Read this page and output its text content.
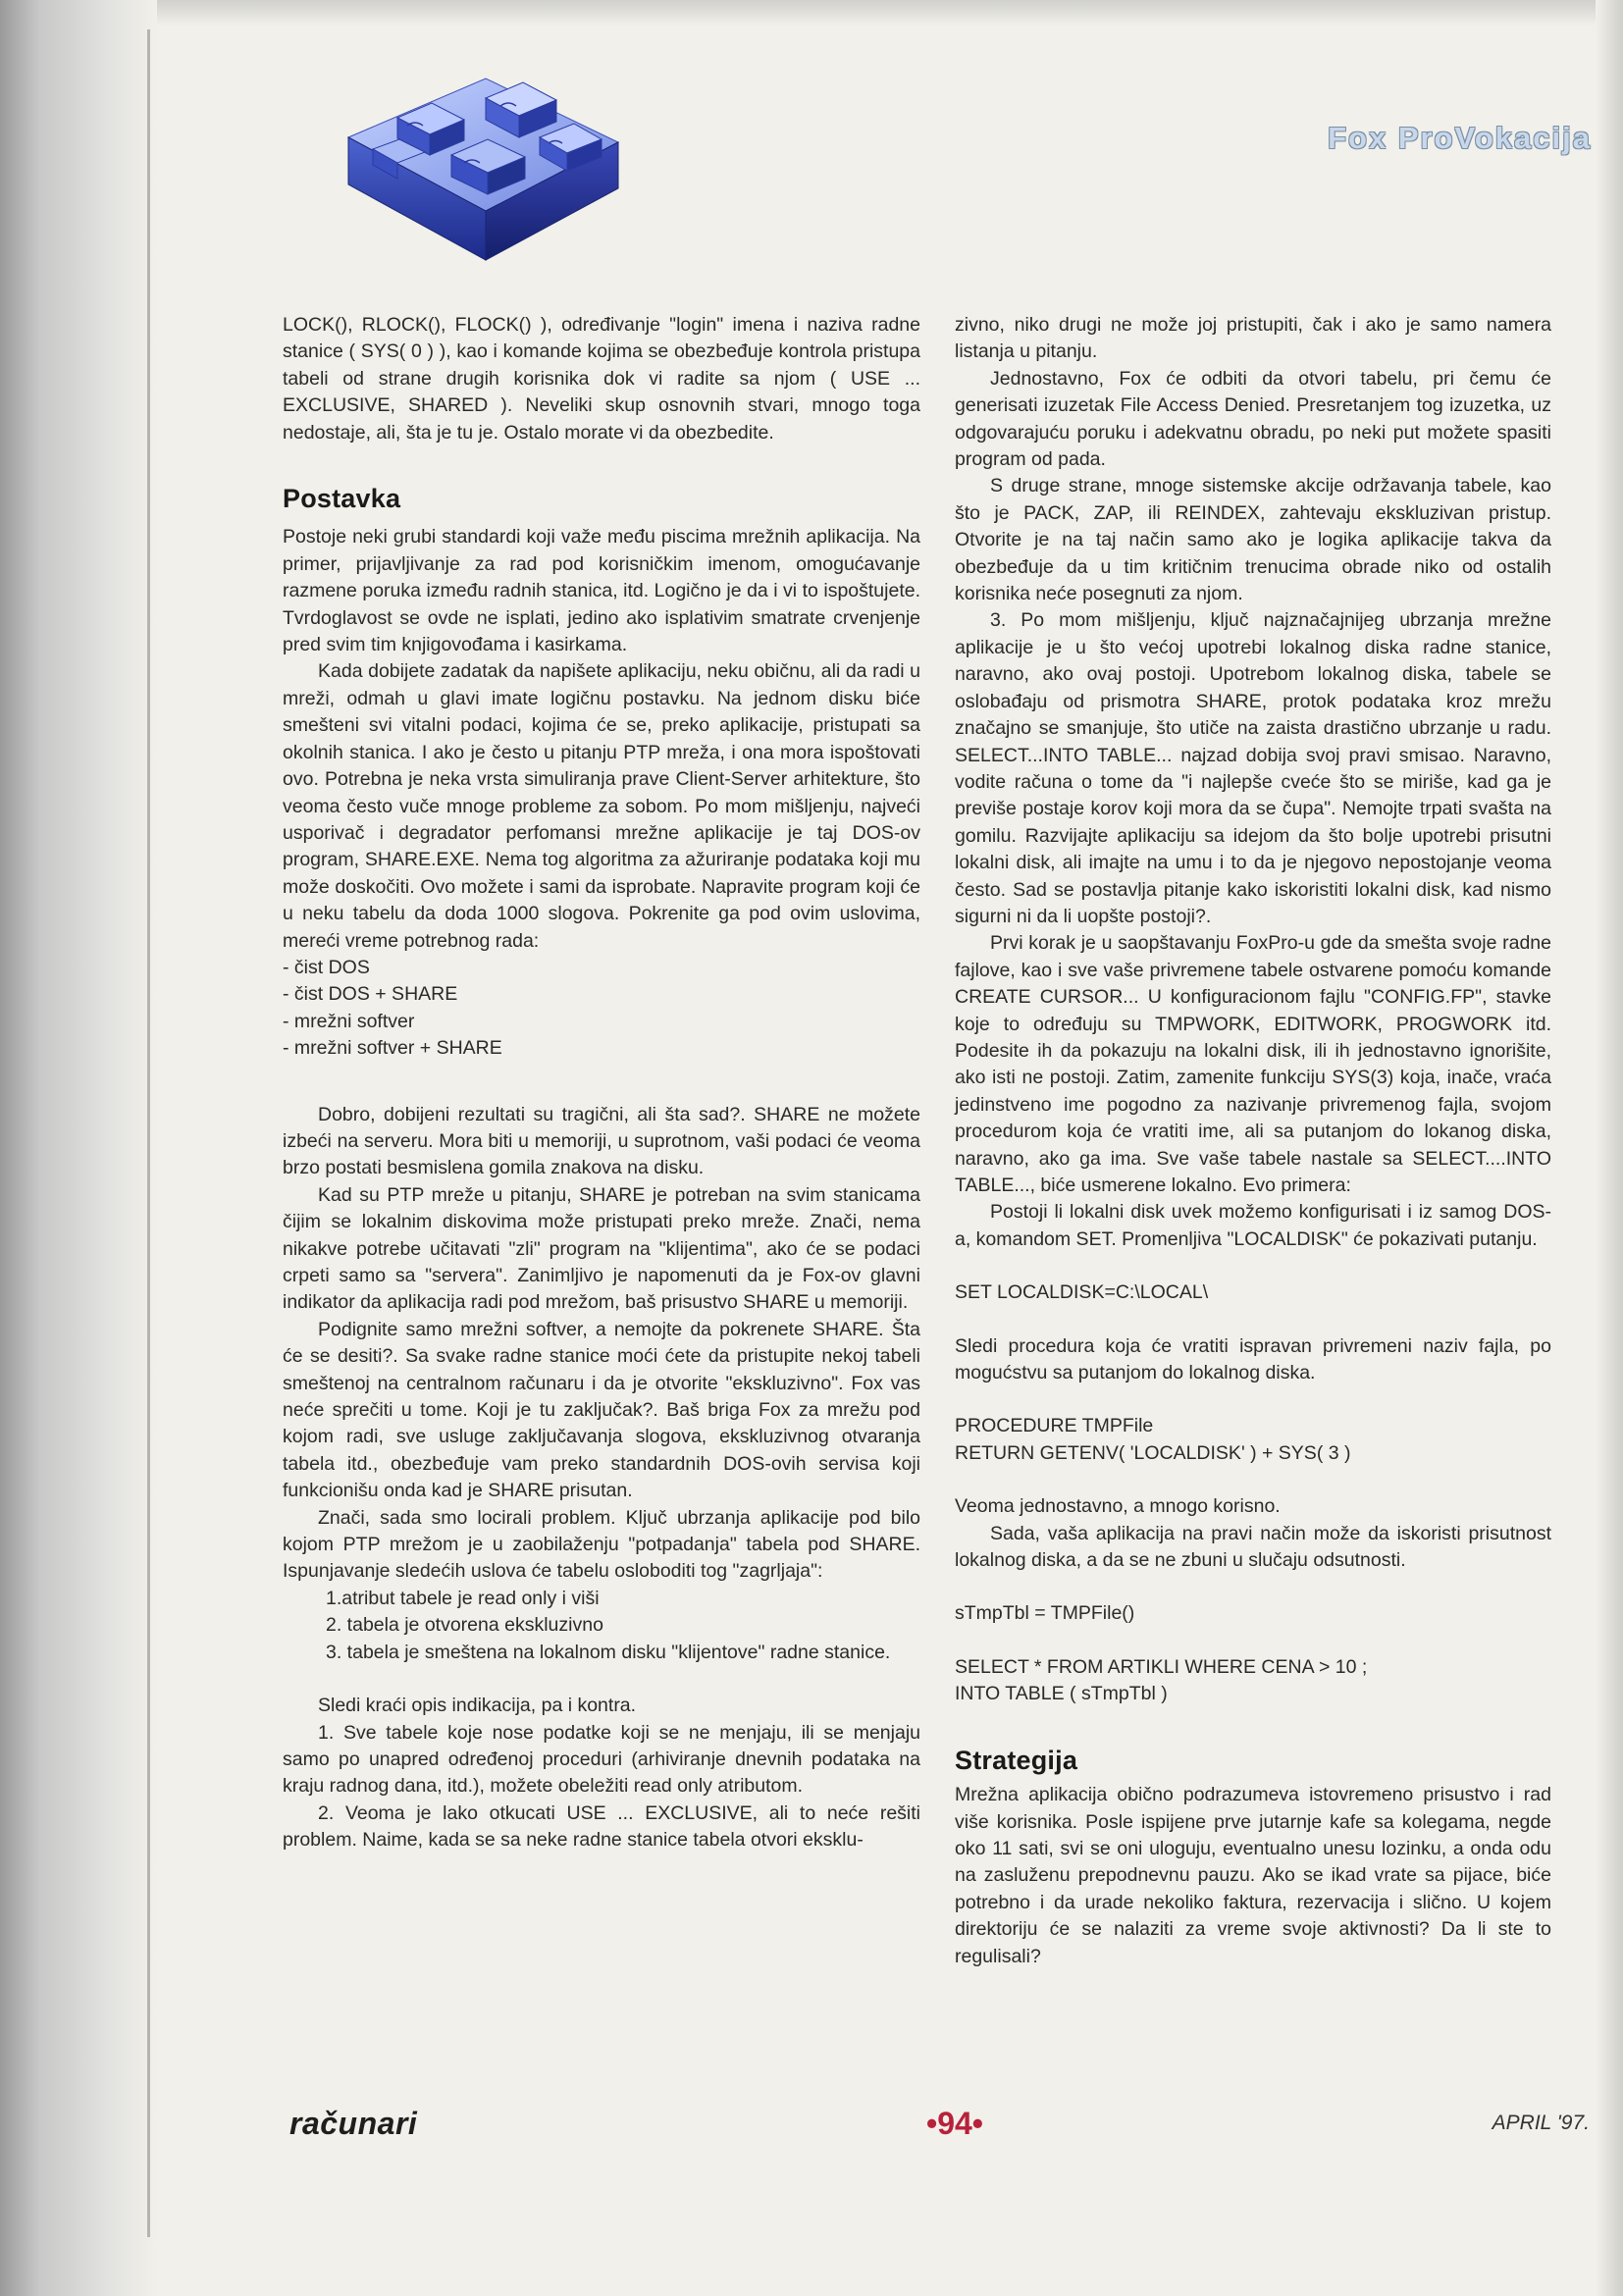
Fox ProVokacija

LOCK(), RLOCK(), FLOCK() ), određivanje "login" imena i naziva radne stanice ( SYS( 0 ) ), kao i komande kojima se obezbeđuje kontrola pristupa tabeli od strane drugih korisnika dok vi radite sa njom ( USE ... EXCLUSIVE, SHARED ). Neveliki skup osnovnih stvari, mnogo toga nedostaje, ali, šta je tu je. Ostalo morate vi da obezbedite.

Postavka

Postoje neki grubi standardi koji važe među piscima mrežnih aplikacija. Na primer, prijavljivanje za rad pod korisničkim imenom, omogućavanje razmene poruka između radnih stanica, itd. Logično je da i vi to ispoštujete. Tvrdoglavost se ovde ne isplati, jedino ako isplativim smatrate crvenjenje pred svim tim knjigovođama i kasirkama.

Kada dobijete zadatak da napišete aplikaciju, neku običnu, ali da radi u mreži, odmah u glavi imate logičnu postavku. Na jednom disku biće smešteni svi vitalni podaci, kojima će se, preko aplikacije, pristupati sa okolnih stanica. I ako je često u pitanju PTP mreža, i ona mora ispoštovati ovo. Potrebna je neka vrsta simuliranja prave Client-Server arhitekture, što veoma često vuče mnoge probleme za sobom. Po mom mišljenju, najveći usporivač i degradator perfomansi mrežne aplikacije je taj DOS-ov program, SHARE.EXE. Nema tog algoritma za ažuriranje podataka koji mu može doskočiti. Ovo možete i sami da isprobate. Napravite program koji će u neku tabelu da doda 1000 slogova. Pokrenite ga pod ovim uslovima, mereći vreme potrebnog rada:

- čist DOS
- čist DOS + SHARE
- mrežni softver
- mrežni softver + SHARE

Dobro, dobijeni rezultati su tragični, ali šta sad?. SHARE ne možete izbeći na serveru. Mora biti u memoriji, u suprotnom, vaši podaci će veoma brzo postati besmislena gomila znakova na disku.

Kad su PTP mreže u pitanju, SHARE je potreban na svim stanicama čijim se lokalnim diskovima može pristupati preko mreže. Znači, nema nikakve potrebe učitavati "zli" program na "klijentima", ako će se podaci crpeti samo sa "servera". Zanimljivo je napomenuti da je Fox-ov glavni indikator da aplikacija radi pod mrežom, baš prisustvo SHARE u memoriji.

Podignite samo mrežni softver, a nemojte da pokrenete SHARE. Šta će se desiti?. Sa svake radne stanice moći ćete da pristupite nekoj tabeli smeštenoj na centralnom računaru i da je otvorite "ekskluzivno". Fox vas neće sprečiti u tome. Koji je tu zaključak?. Baš briga Fox za mrežu pod kojom radi, sve usluge zaključavanja slogova, ekskluzivnog otvaranja tabela itd., obezbeđuje vam preko standardnih DOS-ovih servisa koji funkcionišu onda kad je SHARE prisutan.

Znači, sada smo locirali problem. Ključ ubrzanja aplikacije pod bilo kojom PTP mrežom je u zaobilaženju "potpadanja" tabela pod SHARE. Ispunjavanje sledećih uslova će tabelu osloboditi tog "zagrljaja":

1.atribut tabele je read only i viši
2. tabela je otvorena ekskluzivno
3. tabela je smeštena na lokalnom disku "klijentove" radne stanice.

Sledi kraći opis indikacija, pa i kontra.

1. Sve tabele koje nose podatke koji se ne menjaju, ili se menjaju samo po unapred određenoj proceduri (arhiviranje dnevnih podataka na kraju radnog dana, itd.), možete obeležiti read only atributom.

2. Veoma je lako otkucati USE ... EXCLUSIVE, ali to neće rešiti problem. Naime, kada se sa neke radne stanice tabela otvori eksklu-

zivno, niko drugi ne može joj pristupiti, čak i ako je samo namera listanja u pitanju.

Jednostavno, Fox će odbiti da otvori tabelu, pri čemu će generisati izuzetak File Access Denied. Presretanjem tog izuzetka, uz odgovarajuću poruku i adekvatnu obradu, po neki put možete spasiti program od pada.

S druge strane, mnoge sistemske akcije održavanja tabele, kao što je PACK, ZAP, ili REINDEX, zahtevaju ekskluzivan pristup. Otvorite je na taj način samo ako je logika aplikacije takva da obezbeđuje da u tim kritičnim trenucima obrade niko od ostalih korisnika neće posegnuti za njom.

3. Po mom mišljenju, ključ najznačajnijeg ubrzanja mrežne aplikacije je u što većoj upotrebi lokalnog diska radne stanice, naravno, ako ovaj postoji. Upotrebom lokalnog diska, tabele se oslobađaju od prismotra SHARE, protok podataka kroz mrežu značajno se smanjuje, što utiče na zaista drastično ubrzanje u radu. SELECT...INTO TABLE... najzad dobija svoj pravi smisao. Naravno, vodite računa o tome da "i najlepše cveće što se miriše, kad ga je previše postaje korov koji mora da se čupa". Nemojte trpati svašta na gomilu. Razvijajte aplikaciju sa idejom da što bolje upotrebi prisutni lokalni disk, ali imajte na umu i to da je njegovo nepostojanje veoma često. Sad se postavlja pitanje kako iskoristiti lokalni disk, kad nismo sigurni ni da li uopšte postoji?.

Prvi korak je u saopštavanju FoxPro-u gde da smešta svoje radne fajlove, kao i sve vaše privremene tabele ostvarene pomoću komande CREATE CURSOR... U konfiguracionom fajlu "CONFIG.FP", stavke koje to određuju su TMPWORK, EDITWORK, PROGWORK itd. Podesite ih da pokazuju na lokalni disk, ili ih jednostavno ignorišite, ako isti ne postoji. Zatim, zamenite funkciju SYS(3) koja, inače, vraća jedinstveno ime pogodno za nazivanje privremenog fajla, svojom procedurom koja će vratiti ime, ali sa putanjom do lokanog diska, naravno, ako ga ima. Sve vaše tabele nastale sa SELECT....INTO TABLE..., biće usmerene lokalno. Evo primera:

Postoji li lokalni disk uvek možemo konfigurisati i iz samog DOS-a, komandom SET. Promenljiva "LOCALDISK" će pokazivati putanju.

SET LOCALDISK=C:\LOCAL\

Sledi procedura koja će vratiti ispravan privremeni naziv fajla, po mogućstvu sa putanjom do lokalnog diska.

PROCEDURE TMPFile

RETURN GETENV( 'LOCALDISK' ) + SYS( 3 )

Veoma jednostavno, a mnogo korisno.

Sada, vaša aplikacija na pravi način može da iskoristi prisutnost lokalnog diska, a da se ne zbuni u slučaju odsutnosti.

sTmpTbl = TMPFile()

SELECT * FROM ARTIKLI WHERE CENA > 10 ;

INTO TABLE ( sTmpTbl )

Strategija

Mrežna aplikacija obično podrazumeva istovremeno prisustvo i rad više korisnika. Posle ispijene prve jutarnje kafe sa kolegama, negde oko 11 sati, svi se oni uloguju, eventualno unesu lozinku, a onda odu na zasluženu prepodnevnu pauzu. Ako se ikad vrate sa pijace, biće potrebno i da urade nekoliko faktura, rezervacija i slično. U kojem direktoriju će se nalaziti za vreme svoje aktivnosti? Da li ste to regulisali?

računari	•94•	APRIL '97.
